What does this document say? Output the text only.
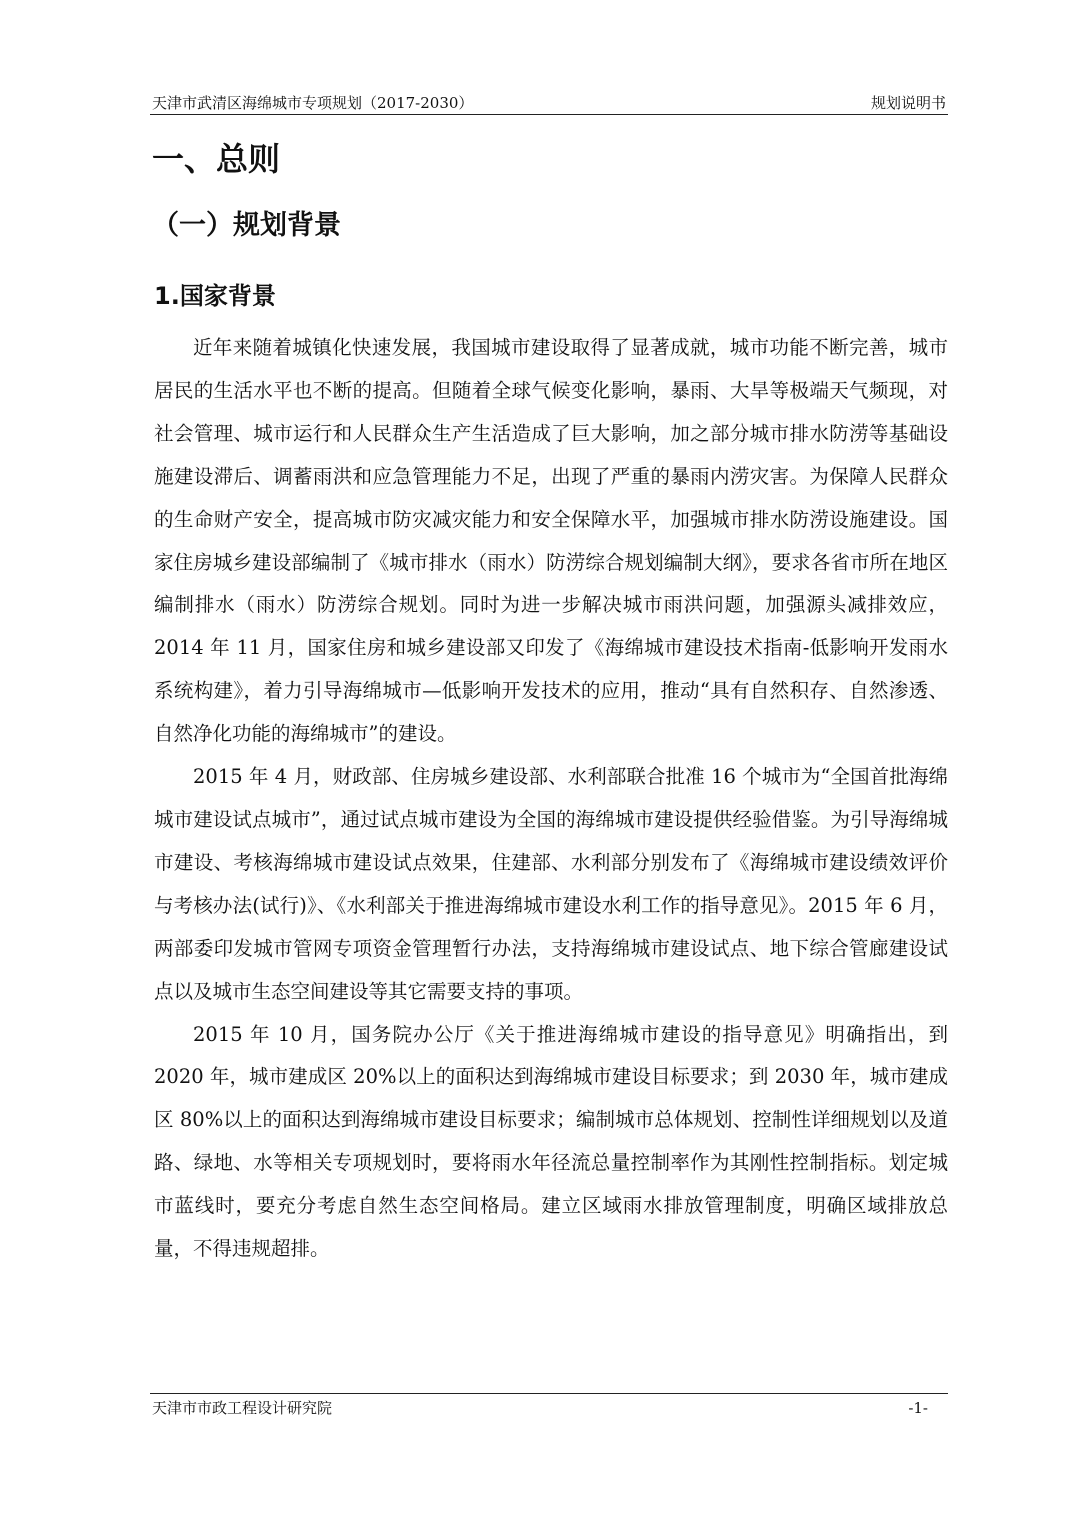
天津市武清区海绵城市专项规划（2017-2030）	规划说明书
一、总则
（一）规划背景
1.国家背景

近年来随着城镇化快速发展，我国城市建设取得了显著成就，城市功能不断完善，城市居民的生活水平也不断的提高。但随着全球气候变化影响，暴雨、大旱等极端天气频现，对社会管理、城市运行和人民群众生产生活造成了巨大影响，加之部分城市排水防涝等基础设施建设滞后、调蓄雨洪和应急管理能力不足，出现了严重的暴雨内涝灾害。为保障人民群众的生命财产安全，提高城市防灾减灾能力和安全保障水平，加强城市排水防涝设施建设。国家住房城乡建设部编制了《城市排水（雨水）防涝综合规划编制大纲》，要求各省市所在地区编制排水（雨水）防涝综合规划。同时为进一步解决城市雨洪问题，加强源头减排效应，2014 年 11 月，国家住房和城乡建设部又印发了《海绵城市建设技术指南-低影响开发雨水系统构建》，着力引导海绵城市—低影响开发技术的应用，推动“具有自然积存、自然渗透、自然净化功能的海绵城市”的建设。

2015 年 4 月，财政部、住房城乡建设部、水利部联合批准 16 个城市为“全国首批海绵城市建设试点城市”，通过试点城市建设为全国的海绵城市建设提供经验借鉴。为引导海绵城市建设、考核海绵城市建设试点效果，住建部、水利部分别发布了《海绵城市建设绩效评价与考核办法(试行)》、《水利部关于推进海绵城市建设水利工作的指导意见》。2015 年 6 月，两部委印发城市管网专项资金管理暂行办法，支持海绵城市建设试点、地下综合管廊建设试点以及城市生态空间建设等其它需要支持的事项。

2015 年 10 月，国务院办公厅《关于推进海绵城市建设的指导意见》明确指出，到 2020 年，城市建成区 20%以上的面积达到海绵城市建设目标要求；到 2030 年，城市建成区 80%以上的面积达到海绵城市建设目标要求；编制城市总体规划、控制性详细规划以及道路、绿地、水等相关专项规划时，要将雨水年径流总量控制率作为其刚性控制指标。划定城市蓝线时，要充分考虑自然生态空间格局。建立区域雨水排放管理制度，明确区域排放总量，不得违规超排。

天津市市政工程设计研究院	-1-
